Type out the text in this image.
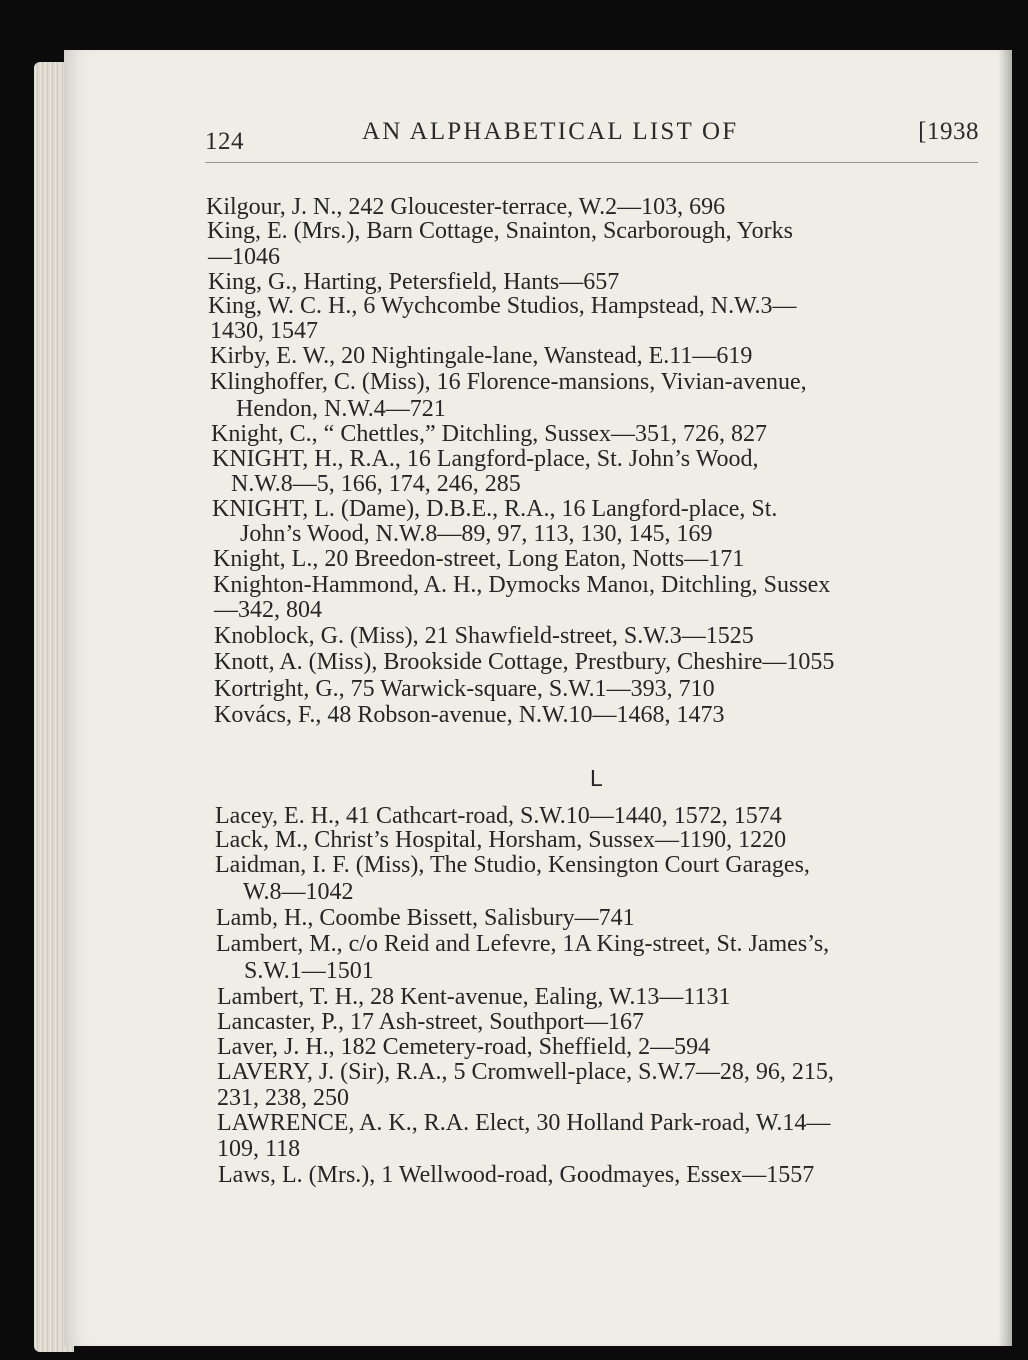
124	AN ALPHABETICAL LIST OF	[1938
Kilgour, J. N., 242 Gloucester-terrace, W.2—103, 696
King, E. (Mrs.), Barn Cottage, Snainton, Scarborough, Yorks
—1046
King, G., Harting, Petersfield, Hants—657
King, W. C. H., 6 Wychcombe Studios, Hampstead, N.W.3—
1430, 1547
Kirby, E. W., 20 Nightingale-lane, Wanstead, E.11—619
Klinghoffer, C. (Miss), 16 Florence-mansions, Vivian-avenue,
Hendon, N.W.4—721
Knight, C., “ Chettles,” Ditchling, Sussex—351, 726, 827
KNIGHT, H., R.A., 16 Langford-place, St. John’s Wood,
N.W.8—5, 166, 174, 246, 285
KNIGHT, L. (Dame), D.B.E., R.A., 16 Langford-place, St.
John’s Wood, N.W.8—89, 97, 113, 130, 145, 169
Knight, L., 20 Breedon-street, Long Eaton, Notts—171
Knighton-Hammond, A. H., Dymocks Manoı, Ditchling, Sussex
—342, 804
Knoblock, G. (Miss), 21 Shawfield-street, S.W.3—1525
Knott, A. (Miss), Brookside Cottage, Prestbury, Cheshire—1055
Kortright, G., 75 Warwick-square, S.W.1—393, 710
Kovács, F., 48 Robson-avenue, N.W.10—1468, 1473
L
Lacey, E. H., 41 Cathcart-road, S.W.10—1440, 1572, 1574
Lack, M., Christ’s Hospital, Horsham, Sussex—1190, 1220
Laidman, I. F. (Miss), The Studio, Kensington Court Garages,
W.8—1042
Lamb, H., Coombe Bissett, Salisbury—741
Lambert, M., c/o Reid and Lefevre, 1A King-street, St. James’s,
S.W.1—1501
Lambert, T. H., 28 Kent-avenue, Ealing, W.13—1131
Lancaster, P., 17 Ash-street, Southport—167
Laver, J. H., 182 Cemetery-road, Sheffield, 2—594
LAVERY, J. (Sir), R.A., 5 Cromwell-place, S.W.7—28, 96, 215,
231, 238, 250
LAWRENCE, A. K., R.A. Elect, 30 Holland Park-road, W.14—
109, 118
Laws, L. (Mrs.), 1 Wellwood-road, Goodmayes, Essex—1557
